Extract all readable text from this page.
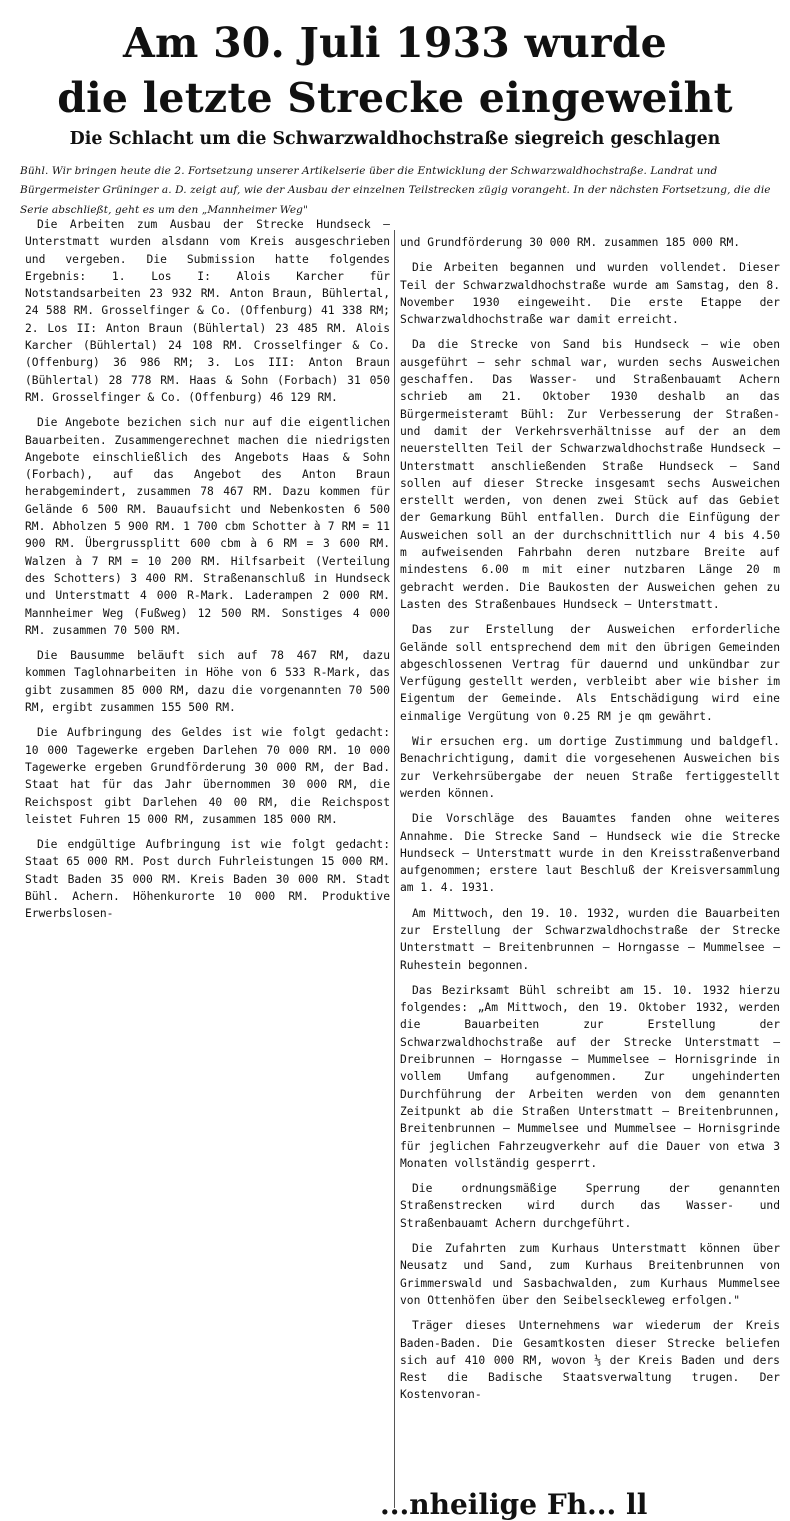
Am 30. Juli 1933 wurde
die letzte Strecke eingeweiht
Die Schlacht um die Schwarzwaldhochstraße siegreich geschlagen

Bühl. Wir bringen heute die 2. Fortsetzung unserer Artikelserie über die Entwicklung der Schwarzwaldhochstraße. Landrat und Bürgermeister Grüninger a. D. zeigt auf, wie der Ausbau der einzelnen Teilstrecken zügig vorangeht. In der nächsten Fortsetzung, die die Serie abschließt, geht es um den „Mannheimer Weg"

Die Arbeiten zum Ausbau der Strecke Hundseck — Unterstmatt wurden alsdann vom Kreis ausgeschrieben und vergeben. Die Submission hatte folgendes Ergebnis: 1. Los I: Alois Karcher für Notstandsarbeiten 23 932 RM. Anton Braun, Bühlertal, 24 588 RM. Grosselfinger & Co. (Offenburg) 41 338 RM; 2. Los II: Anton Braun (Bühlertal) 23 485 RM. Alois Karcher (Bühlertal) 24 108 RM. Crosselfinger & Co. (Offenburg) 36 986 RM; 3. Los III: Anton Braun (Bühlertal) 28 778 RM. Haas & Sohn (Forbach) 31 050 RM. Grosselfinger & Co. (Offenburg) 46 129 RM.

Die Angebote bezichen sich nur auf die eigentlichen Bauarbeiten. Zusammengerechnet machen die niedrigsten Angebote einschließlich des Angebots Haas & Sohn (Forbach), auf das Angebot des Anton Braun herabgemindert, zusammen 78 467 RM. Dazu kommen für Gelände 6 500 RM. Bauaufsicht und Nebenkosten 6 500 RM. Abholzen 5 900 RM. 1 700 cbm Schotter à 7 RM = 11 900 RM. Übergrussplitt 600 cbm à 6 RM = 3 600 RM. Walzen à 7 RM = 10 200 RM. Hilfsarbeit (Verteilung des Schotters) 3 400 RM. Straßenanschluß in Hundseck und Unterstmatt 4 000 R-Mark. Laderampen 2 000 RM. Mannheimer Weg (Fußweg) 12 500 RM. Sonstiges 4 000 RM. zusammen 70 500 RM.

Die Bausumme beläuft sich auf 78 467 RM, dazu kommen Taglohnarbeiten in Höhe von 6 533 R-Mark, das gibt zusammen 85 000 RM, dazu die vorgenannten 70 500 RM, ergibt zusammen 155 500 RM.

Die Aufbringung des Geldes ist wie folgt gedacht: 10 000 Tagewerke ergeben Darlehen 70 000 RM. 10 000 Tagewerke ergeben Grundförderung 30 000 RM, der Bad. Staat hat für das Jahr übernommen 30 000 RM, die Reichspost gibt Darlehen 40 00 RM, die Reichspost leistet Fuhren 15 000 RM, zusammen 185 000 RM.

Die endgültige Aufbringung ist wie folgt gedacht: Staat 65 000 RM. Post durch Fuhrleistungen 15 000 RM. Stadt Baden 35 000 RM. Kreis Baden 30 000 RM. Stadt Bühl. Achern. Höhenkurorte 10 000 RM. Produktive Erwerbslosen-

und Grundförderung 30 000 RM. zusammen 185 000 RM.

Die Arbeiten begannen und wurden vollendet. Dieser Teil der Schwarzwaldhochstraße wurde am Samstag, den 8. November 1930 eingeweiht. Die erste Etappe der Schwarzwaldhochstraße war damit erreicht.

Da die Strecke von Sand bis Hundseck — wie oben ausgeführt — sehr schmal war, wurden sechs Ausweichen geschaffen. Das Wasser- und Straßenbauamt Achern schrieb am 21. Oktober 1930 deshalb an das Bürgermeisteramt Bühl: Zur Verbesserung der Straßen- und damit der Verkehrsverhältnisse auf der an dem neuerstellten Teil der Schwarzwaldhochstraße Hundseck — Unterstmatt anschließenden Straße Hundseck — Sand sollen auf dieser Strecke insgesamt sechs Ausweichen erstellt werden, von denen zwei Stück auf das Gebiet der Gemarkung Bühl entfallen. Durch die Einfügung der Ausweichen soll an der durchschnittlich nur 4 bis 4.50 m aufweisenden Fahrbahn deren nutzbare Breite auf mindestens 6.00 m mit einer nutzbaren Länge 20 m gebracht werden. Die Baukosten der Ausweichen gehen zu Lasten des Straßenbaues Hundseck — Unterstmatt.

Das zur Erstellung der Ausweichen erforderliche Gelände soll entsprechend dem mit den übrigen Gemeinden abgeschlossenen Vertrag für dauernd und unkündbar zur Verfügung gestellt werden, verbleibt aber wie bisher im Eigentum der Gemeinde. Als Entschädigung wird eine einmalige Vergütung von 0.25 RM je qm gewährt.

Wir ersuchen erg. um dortige Zustimmung und baldgefl. Benachrichtigung, damit die vorgesehenen Ausweichen bis zur Verkehrsübergabe der neuen Straße fertiggestellt werden können.

Die Vorschläge des Bauamtes fanden ohne weiteres Annahme. Die Strecke Sand — Hundseck wie die Strecke Hundseck — Unterstmatt wurde in den Kreisstraßenverband aufgenommen; erstere laut Beschluß der Kreisversammlung am 1. 4. 1931.

Am Mittwoch, den 19. 10. 1932, wurden die Bauarbeiten zur Erstellung der Schwarzwaldhochstraße der Strecke Unterstmatt — Breitenbrunnen — Horngasse — Mummelsee — Ruhestein begonnen.

Das Bezirksamt Bühl schreibt am 15. 10. 1932 hierzu folgendes: „Am Mittwoch, den 19. Oktober 1932, werden die Bauarbeiten zur Erstellung der Schwarzwaldhochstraße auf der Strecke Unterstmatt — Dreibrunnen — Horngasse — Mummelsee — Hornisgrinde in vollem Umfang aufgenommen. Zur ungehinderten Durchführung der Arbeiten werden von dem genannten Zeitpunkt ab die Straßen Unterstmatt — Breitenbrunnen, Breitenbrunnen — Mummelsee und Mummelsee — Hornisgrinde für jeglichen Fahrzeugverkehr auf die Dauer von etwa 3 Monaten vollständig gesperrt.

Die ordnungsmäßige Sperrung der genannten Straßenstrecken wird durch das Wasser- und Straßenbauamt Achern durchgeführt.

Die Zufahrten zum Kurhaus Unterstmatt können über Neusatz und Sand, zum Kurhaus Breitenbrunnen von Grimmerswald und Sasbachwalden, zum Kurhaus Mummelsee von Ottenhöfen über den Seibelseckleweg erfolgen."

Träger dieses Unternehmens war wiederum der Kreis Baden-Baden. Die Gesamtkosten dieser Strecke beliefen sich auf 410 000 RM, wovon ⅓ der Kreis Baden und ders Rest die Badische Staatsverwaltung trugen. Der Kostenvoran-

...nheilige Fh... ll
